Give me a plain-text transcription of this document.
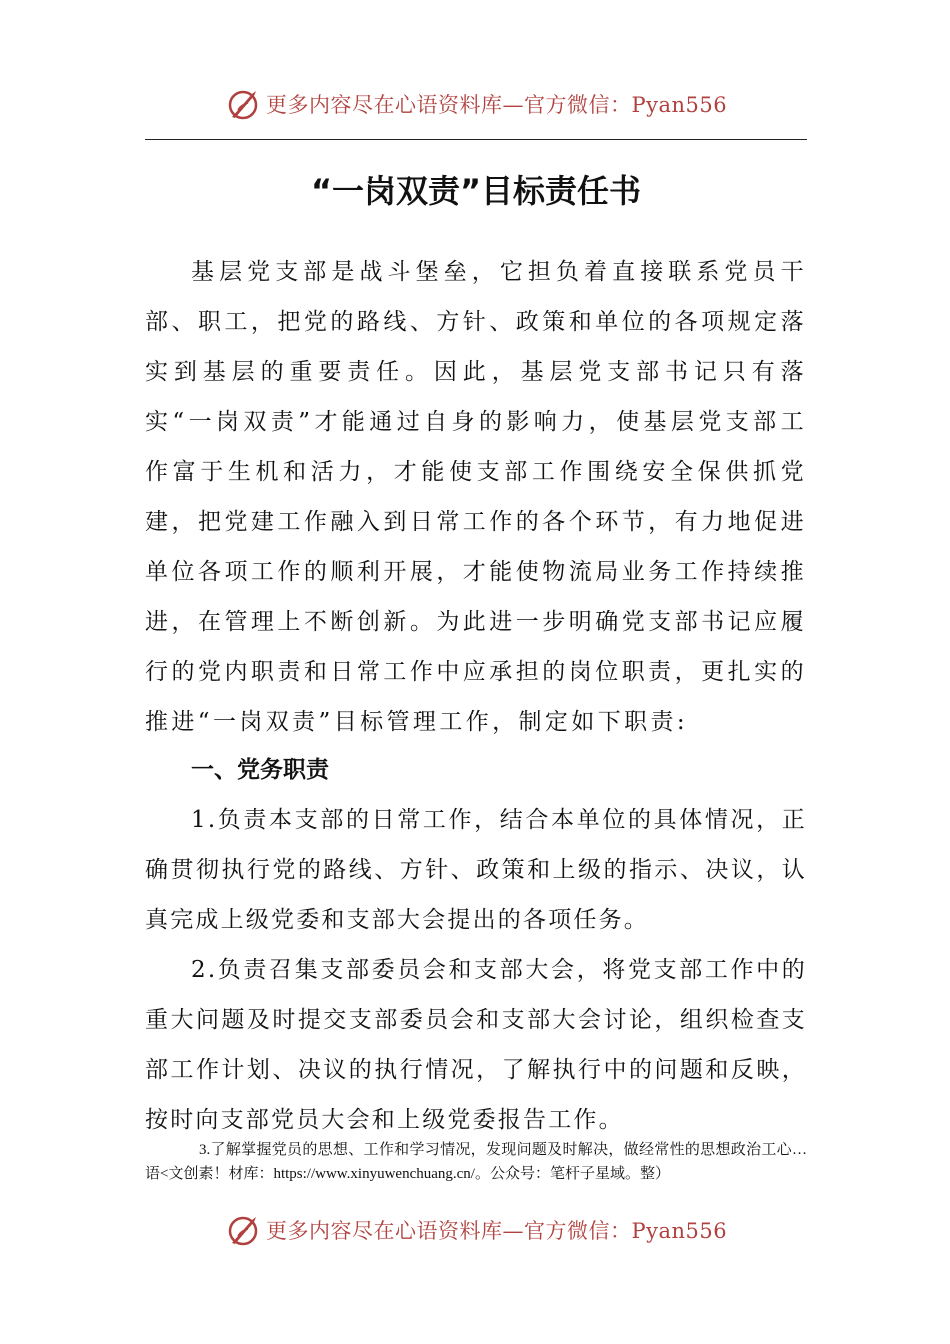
更多内容尽在心语资料库—官方微信：Pyan556
“一岗双责”目标责任书

基层党支部是战斗堡垒，它担负着直接联系党员干部、职工，把党的路线、方针、政策和单位的各项规定落实到基层的重要责任。因此，基层党支部书记只有落实“一岗双责”才能通过自身的影响力，使基层党支部工作富于生机和活力，才能使支部工作围绕安全保供抓党建，把党建工作融入到日常工作的各个环节，有力地促进单位各项工作的顺利开展，才能使物流局业务工作持续推进，在管理上不断创新。为此进一步明确党支部书记应履行的党内职责和日常工作中应承担的岗位职责，更扎实的推进“一岗双责”目标管理工作，制定如下职责:

一、党务职责

1.负责本支部的日常工作，结合本单位的具体情况，正确贯彻执行党的路线、方针、政策和上级的指示、决议，认真完成上级党委和支部大会提出的各项任务。

2.负责召集支部委员会和支部大会，将党支部工作中的重大问题及时提交支部委员会和支部大会讨论，组织检查支部工作计划、决议的执行情况，了解执行中的问题和反映，按时向支部党员大会和上级党委报告工作。

3.了解掌握党员的思想、工作和学习情况，发现问题及时解决，做经常性的思想政治工心…语<文创素！材库：https://www.xinyuwenchuang.cn/。公众号：笔杆子星域。整）

更多内容尽在心语资料库—官方微信：Pyan556
